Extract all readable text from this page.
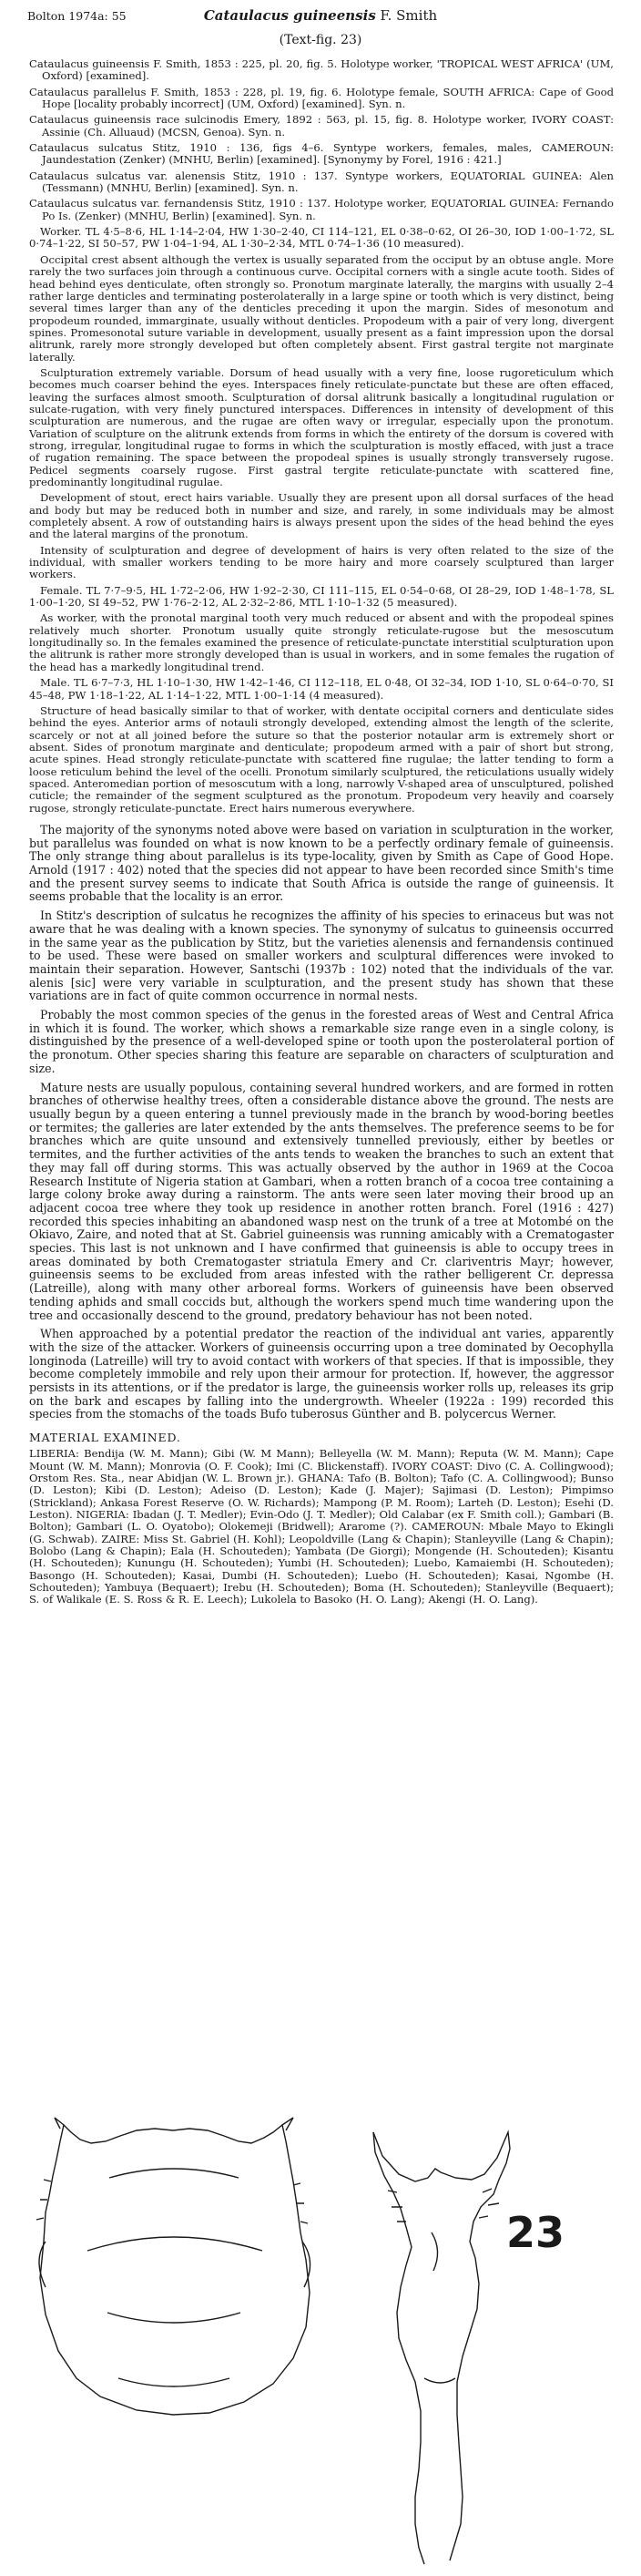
Bolton 1974a: 55	Cataulacus guineensis F. Smith
(Text-fig. 23)

Cataulacus guineensis F. Smith, 1853 : 225, pl. 20, fig. 5. Holotype worker, 'TROPICAL WEST AFRICA' (UM, Oxford) [examined].

Cataulacus parallelus F. Smith, 1853 : 228, pl. 19, fig. 6. Holotype female, SOUTH AFRICA: Cape of Good Hope [locality probably incorrect] (UM, Oxford) [examined]. Syn. n.

Cataulacus guineensis race sulcinodis Emery, 1892 : 563, pl. 15, fig. 8. Holotype worker, IVORY COAST: Assinie (Ch. Alluaud) (MCSN, Genoa). Syn. n.

Cataulacus sulcatus Stitz, 1910 : 136, figs 4–6. Syntype workers, females, males, CAMEROUN: Jaundestation (Zenker) (MNHU, Berlin) [examined]. [Synonymy by Forel, 1916 : 421.]

Cataulacus sulcatus var. alenensis Stitz, 1910 : 137. Syntype workers, EQUATORIAL GUINEA: Alen (Tessmann) (MNHU, Berlin) [examined]. Syn. n.

Cataulacus sulcatus var. fernandensis Stitz, 1910 : 137. Holotype worker, EQUATORIAL GUINEA: Fernando Po Is. (Zenker) (MNHU, Berlin) [examined]. Syn. n.

Worker. TL 4·5–8·6, HL 1·14–2·04, HW 1·30–2·40, CI 114–121, EL 0·38–0·62, OI 26–30, IOD 1·00–1·72, SL 0·74–1·22, SI 50–57, PW 1·04–1·94, AL 1·30–2·34, MTL 0·74–1·36 (10 measured).

Occipital crest absent although the vertex is usually separated from the occiput by an obtuse angle. More rarely the two surfaces join through a continuous curve. Occipital corners with a single acute tooth. Sides of head behind eyes denticulate, often strongly so. Pronotum marginate laterally, the margins with usually 2–4 rather large denticles and terminating posterolaterally in a large spine or tooth which is very distinct, being several times larger than any of the denticles preceding it upon the margin. Sides of mesonotum and propodeum rounded, immarginate, usually without denticles. Propodeum with a pair of very long, divergent spines. Promesonotal suture variable in development, usually present as a faint impression upon the dorsal alitrunk, rarely more strongly developed but often completely absent. First gastral tergite not marginate laterally.

Sculpturation extremely variable. Dorsum of head usually with a very fine, loose rugoreticulum which becomes much coarser behind the eyes. Interspaces finely reticulate-punctate but these are often effaced, leaving the surfaces almost smooth. Sculpturation of dorsal alitrunk basically a longitudinal rugulation or sulcate-rugation, with very finely punctured interspaces. Differences in intensity of development of this sculpturation are numerous, and the rugae are often wavy or irregular, especially upon the pronotum. Variation of sculpture on the alitrunk extends from forms in which the entirety of the dorsum is covered with strong, irregular, longitudinal rugae to forms in which the sculpturation is mostly effaced, with just a trace of rugation remaining. The space between the propodeal spines is usually strongly transversely rugose. Pedicel segments coarsely rugose. First gastral tergite reticulate-punctate with scattered fine, predominantly longitudinal rugulae.

Development of stout, erect hairs variable. Usually they are present upon all dorsal surfaces of the head and body but may be reduced both in number and size, and rarely, in some individuals may be almost completely absent. A row of outstanding hairs is always present upon the sides of the head behind the eyes and the lateral margins of the pronotum.

Intensity of sculpturation and degree of development of hairs is very often related to the size of the individual, with smaller workers tending to be more hairy and more coarsely sculptured than larger workers.

Female. TL 7·7–9·5, HL 1·72–2·06, HW 1·92–2·30, CI 111–115, EL 0·54–0·68, OI 28–29, IOD 1·48–1·78, SL 1·00–1·20, SI 49–52, PW 1·76–2·12, AL 2·32–2·86, MTL 1·10–1·32 (5 measured).

As worker, with the pronotal marginal tooth very much reduced or absent and with the propodeal spines relatively much shorter. Pronotum usually quite strongly reticulate-rugose but the mesoscutum longitudinally so. In the females examined the presence of reticulate-punctate interstitial sculpturation upon the alitrunk is rather more strongly developed than is usual in workers, and in some females the rugation of the head has a markedly longitudinal trend.

Male. TL 6·7–7·3, HL 1·10–1·30, HW 1·42–1·46, CI 112–118, EL 0·48, OI 32–34, IOD 1·10, SL 0·64–0·70, SI 45–48, PW 1·18–1·22, AL 1·14–1·22, MTL 1·00–1·14 (4 measured).

Structure of head basically similar to that of worker, with dentate occipital corners and denticulate sides behind the eyes. Anterior arms of notauli strongly developed, extending almost the length of the sclerite, scarcely or not at all joined before the suture so that the posterior notaular arm is extremely short or absent. Sides of pronotum marginate and denticulate; propodeum armed with a pair of short but strong, acute spines. Head strongly reticulate-punctate with scattered fine rugulae; the latter tending to form a loose reticulum behind the level of the ocelli. Pronotum similarly sculptured, the reticulations usually widely spaced. Anteromedian portion of mesoscutum with a long, narrowly V-shaped area of unsculptured, polished cuticle; the remainder of the segment sculptured as the pronotum. Propodeum very heavily and coarsely rugose, strongly reticulate-punctate. Erect hairs numerous everywhere.

The majority of the synonyms noted above were based on variation in sculpturation in the worker, but parallelus was founded on what is now known to be a perfectly ordinary female of guineensis. The only strange thing about parallelus is its type-locality, given by Smith as Cape of Good Hope. Arnold (1917 : 402) noted that the species did not appear to have been recorded since Smith's time and the present survey seems to indicate that South Africa is outside the range of guineensis. It seems probable that the locality is an error.

In Stitz's description of sulcatus he recognizes the affinity of his species to erinaceus but was not aware that he was dealing with a known species. The synonymy of sulcatus to guineensis occurred in the same year as the publication by Stitz, but the varieties alenensis and fernandensis continued to be used. These were based on smaller workers and sculptural differences were invoked to maintain their separation. However, Santschi (1937b : 102) noted that the individuals of the var. alenis [sic] were very variable in sculpturation, and the present study has shown that these variations are in fact of quite common occurrence in normal nests.

Probably the most common species of the genus in the forested areas of West and Central Africa in which it is found. The worker, which shows a remarkable size range even in a single colony, is distinguished by the presence of a well-developed spine or tooth upon the posterolateral portion of the pronotum. Other species sharing this feature are separable on characters of sculpturation and size.

Mature nests are usually populous, containing several hundred workers, and are formed in rotten branches of otherwise healthy trees, often a considerable distance above the ground. The nests are usually begun by a queen entering a tunnel previously made in the branch by wood-boring beetles or termites; the galleries are later extended by the ants themselves. The preference seems to be for branches which are quite unsound and extensively tunnelled previously, either by beetles or termites, and the further activities of the ants tends to weaken the branches to such an extent that they may fall off during storms. This was actually observed by the author in 1969 at the Cocoa Research Institute of Nigeria station at Gambari, when a rotten branch of a cocoa tree containing a large colony broke away during a rainstorm. The ants were seen later moving their brood up an adjacent cocoa tree where they took up residence in another rotten branch. Forel (1916 : 427) recorded this species inhabiting an abandoned wasp nest on the trunk of a tree at Motombé on the Okiavo, Zaire, and noted that at St. Gabriel guineensis was running amicably with a Crematogaster species. This last is not unknown and I have confirmed that guineensis is able to occupy trees in areas dominated by both Crematogaster striatula Emery and Cr. clariventris Mayr; however, guineensis seems to be excluded from areas infested with the rather belligerent Cr. depressa (Latreille), along with many other arboreal forms. Workers of guineensis have been observed tending aphids and small coccids but, although the workers spend much time wandering upon the tree and occasionally descend to the ground, predatory behaviour has not been noted.

When approached by a potential predator the reaction of the individual ant varies, apparently with the size of the attacker. Workers of guineensis occurring upon a tree dominated by Oecophylla longinoda (Latreille) will try to avoid contact with workers of that species. If that is impossible, they become completely immobile and rely upon their armour for protection. If, however, the aggressor persists in its attentions, or if the predator is large, the guineensis worker rolls up, releases its grip on the bark and escapes by falling into the undergrowth. Wheeler (1922a : 199) recorded this species from the stomachs of the toads Bufo tuberosus Günther and B. polycercus Werner.

MATERIAL EXAMINED.

LIBERIA: Bendija (W. M. Mann); Gibi (W. M Mann); Belleyella (W. M. Mann); Reputa (W. M. Mann); Cape Mount (W. M. Mann); Monrovia (O. F. Cook); Imi (C. Blickenstaff). IVORY COAST: Divo (C. A. Collingwood); Orstom Res. Sta., near Abidjan (W. L. Brown jr.). GHANA: Tafo (B. Bolton); Tafo (C. A. Collingwood); Bunso (D. Leston); Kibi (D. Leston); Adeiso (D. Leston); Kade (J. Majer); Sajimasi (D. Leston); Pimpimso (Strickland); Ankasa Forest Reserve (O. W. Richards); Mampong (P. M. Room); Larteh (D. Leston); Esehi (D. Leston). NIGERIA: Ibadan (J. T. Medler); Evin-Odo (J. T. Medler); Old Calabar (ex F. Smith coll.); Gambari (B. Bolton); Gambari (L. O. Oyatobo); Olokemeji (Bridwell); Ararome (?). CAMEROUN: Mbale Mayo to Ekingli (G. Schwab). ZAIRE: Miss St. Gabriel (H. Kohl); Leopoldville (Lang & Chapin); Stanleyville (Lang & Chapin); Bolobo (Lang & Chapin); Eala (H. Schouteden); Yambata (De Giorgi); Mongende (H. Schouteden); Kisantu (H. Schouteden); Kunungu (H. Schouteden); Yumbi (H. Schouteden); Luebo, Kamaiembi (H. Schouteden); Basongo (H. Schouteden); Kasai, Dumbi (H. Schouteden); Luebo (H. Schouteden); Kasai, Ngombe (H. Schouteden); Yambuya (Bequaert); Irebu (H. Schouteden); Boma (H. Schouteden); Stanleyville (Bequaert); S. of Walikale (E. S. Ross & R. E. Leech); Lukolela to Basoko (H. O. Lang); Akengi (H. O. Lang).

23
